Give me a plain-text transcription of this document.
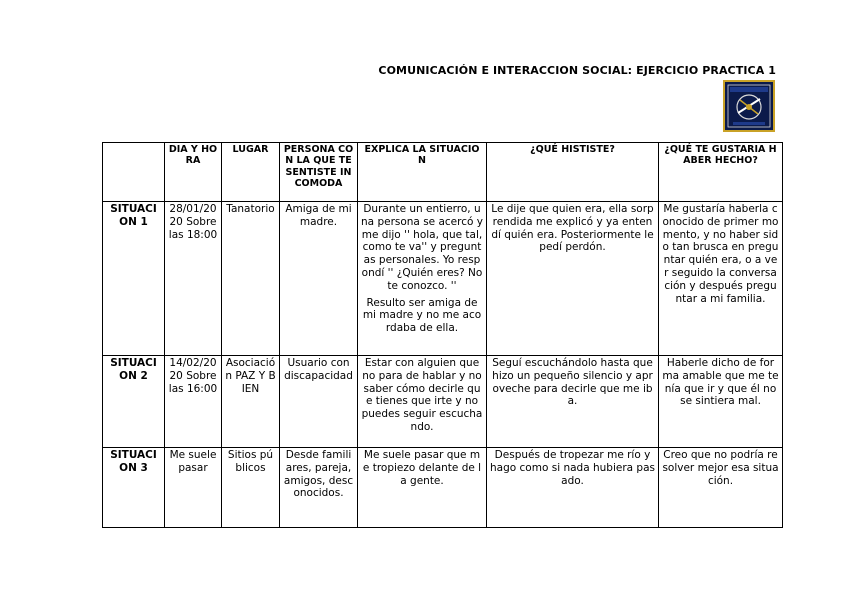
COMUNICACIÓN E INTERACCION SOCIAL: EJERCICIO PRACTICA 1
	DIA Y HORA	LUGAR	PERSONA CON LA QUE TE SENTISTE INCOMODA	EXPLICA LA SITUACION	¿QUÉ HISTISTE?	¿QUÉ TE GUSTARIA HABER HECHO?
SITUACION 1	28/01/2020 Sobre las 18:00	Tanatorio	Amiga de mi madre.	Durante un entierro, una persona se acercó y me dijo '' hola, que tal, como te va'' y preguntas personales. Yo respondí '' ¿Quién eres? No te conozco. ''
Resulto ser amiga de mi madre y no me acordaba de ella.	Le dije que quien era, ella sorprendida me explicó y ya entendí quién era. Posteriormente le pedí perdón.	Me gustaría haberla conocido de primer momento, y no haber sido tan brusca en preguntar quién era, o a ver seguido la conversación y después preguntar a mi familia.
SITUACION 2	14/02/2020 Sobre las 16:00	Asociación PAZ Y BIEN	Usuario con discapacidad	Estar con alguien que no para de hablar y no saber cómo decirle que tienes que irte y no puedes seguir escuchando.	Seguí escuchándolo hasta que hizo un pequeño silencio y aproveche para decirle que me iba.	Haberle dicho de forma amable que me tenía que ir y que él no se sintiera mal.
SITUACION 3	Me suele pasar	Sitios públicos	Desde familiares, pareja, amigos, desconocidos.	Me suele pasar que me tropiezo delante de la gente.	Después de tropezar me río y hago como si nada hubiera pasado.	Creo que no podría resolver mejor esa situación.
